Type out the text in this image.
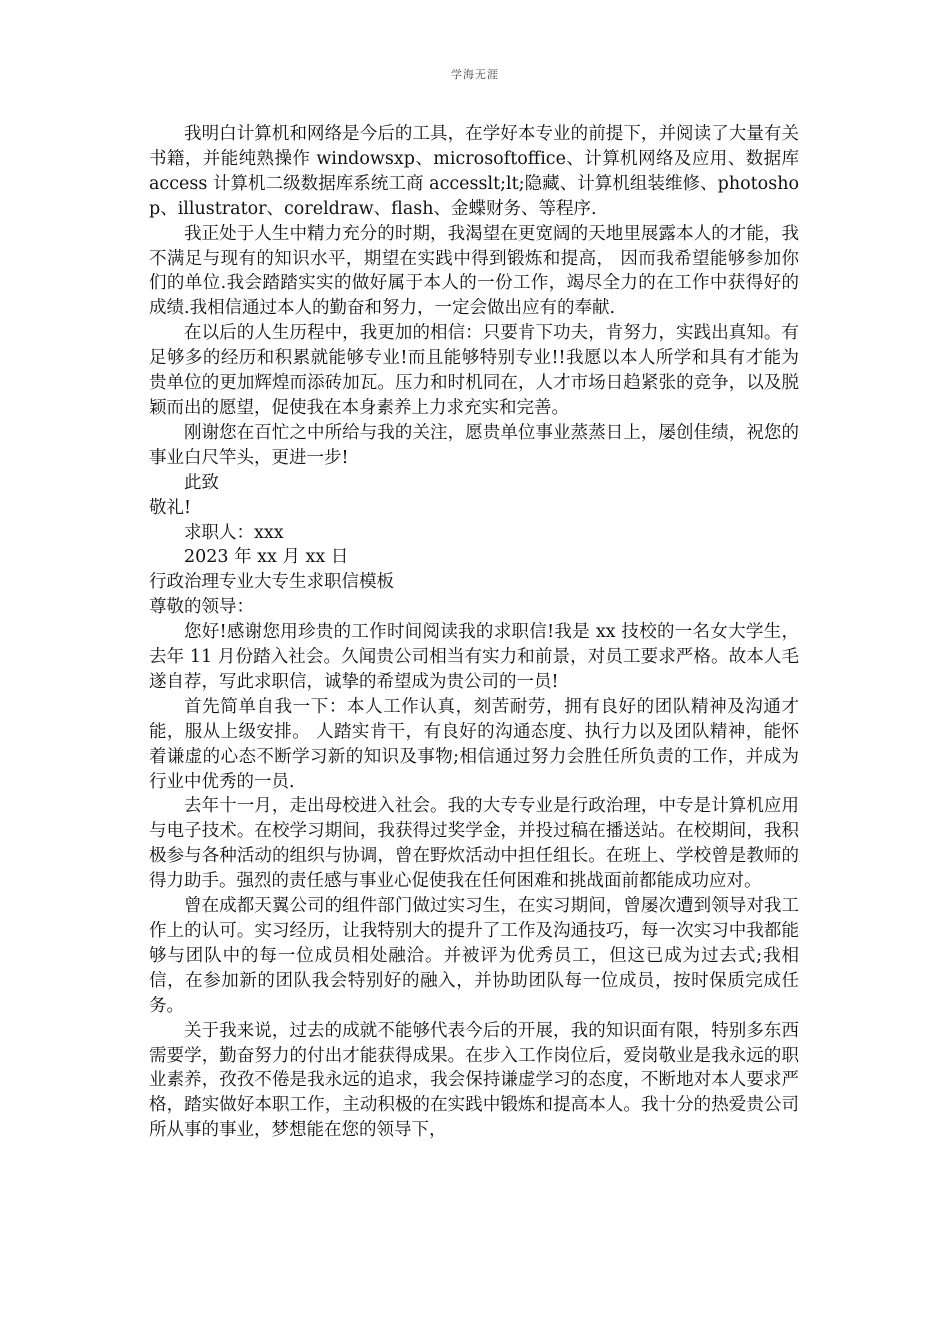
学海无涯

我明白计算机和网络是今后的工具，在学好本专业的前提下，并阅读了大量有关书籍，并能纯熟操作 windowsxp、microsoftoffice、计算机网络及应用、数据库 access 计算机二级数据库系统工商 accesslt;lt;隐藏、计算机组装维修、photoshop、illustrator、coreldraw、flash、金蝶财务、等程序.

我正处于人生中精力充分的时期，我渴望在更宽阔的天地里展露本人的才能，我不满足与现有的知识水平，期望在实践中得到锻炼和提高， 因而我希望能够参加你们的单位.我会踏踏实实的做好属于本人的一份工作，竭尽全力的在工作中获得好的成绩.我相信通过本人的勤奋和努力，一定会做出应有的奉献.

在以后的人生历程中，我更加的相信：只要肯下功夫，肯努力，实践出真知。有足够多的经历和积累就能够专业!而且能够特别专业!!我愿以本人所学和具有才能为贵单位的更加辉煌而添砖加瓦。压力和时机同在，人才市场日趋紧张的竞争，以及脱颖而出的愿望，促使我在本身素养上力求充实和完善。

刚谢您在百忙之中所给与我的关注，愿贵单位事业蒸蒸日上，屡创佳绩，祝您的事业白尺竿头，更进一步!

此致

敬礼!

求职人：xxx

2023 年 xx 月 xx 日

行政治理专业大专生求职信模板

尊敬的领导：

您好!感谢您用珍贵的工作时间阅读我的求职信!我是 xx 技校的一名女大学生，去年 11 月份踏入社会。久闻贵公司相当有实力和前景，对员工要求严格。故本人毛遂自荐，写此求职信，诚挚的希望成为贵公司的一员!

首先简单自我一下：本人工作认真，刻苦耐劳，拥有良好的团队精神及沟通才能，服从上级安排。 人踏实肯干，有良好的沟通态度、执行力以及团队精神，能怀着谦虚的心态不断学习新的知识及事物;相信通过努力会胜任所负责的工作，并成为行业中优秀的一员.

去年十一月，走出母校进入社会。我的大专专业是行政治理，中专是计算机应用与电子技术。在校学习期间，我获得过奖学金，并投过稿在播送站。在校期间，我积极参与各种活动的组织与协调，曾在野炊活动中担任组长。在班上、学校曾是教师的得力助手。强烈的责任感与事业心促使我在任何困难和挑战面前都能成功应对。

曾在成都天翼公司的组件部门做过实习生，在实习期间，曾屡次遭到领导对我工作上的认可。实习经历，让我特别大的提升了工作及沟通技巧，每一次实习中我都能够与团队中的每一位成员相处融洽。并被评为优秀员工，但这已成为过去式;我相信，在参加新的团队我会特别好的融入，并协助团队每一位成员，按时保质完成任务。

关于我来说，过去的成就不能够代表今后的开展，我的知识面有限，特别多东西需要学，勤奋努力的付出才能获得成果。在步入工作岗位后，爱岗敬业是我永远的职业素养，孜孜不倦是我永远的追求，我会保持谦虚学习的态度，不断地对本人要求严格，踏实做好本职工作，主动积极的在实践中锻炼和提高本人。我十分的热爱贵公司所从事的事业，梦想能在您的领导下，
